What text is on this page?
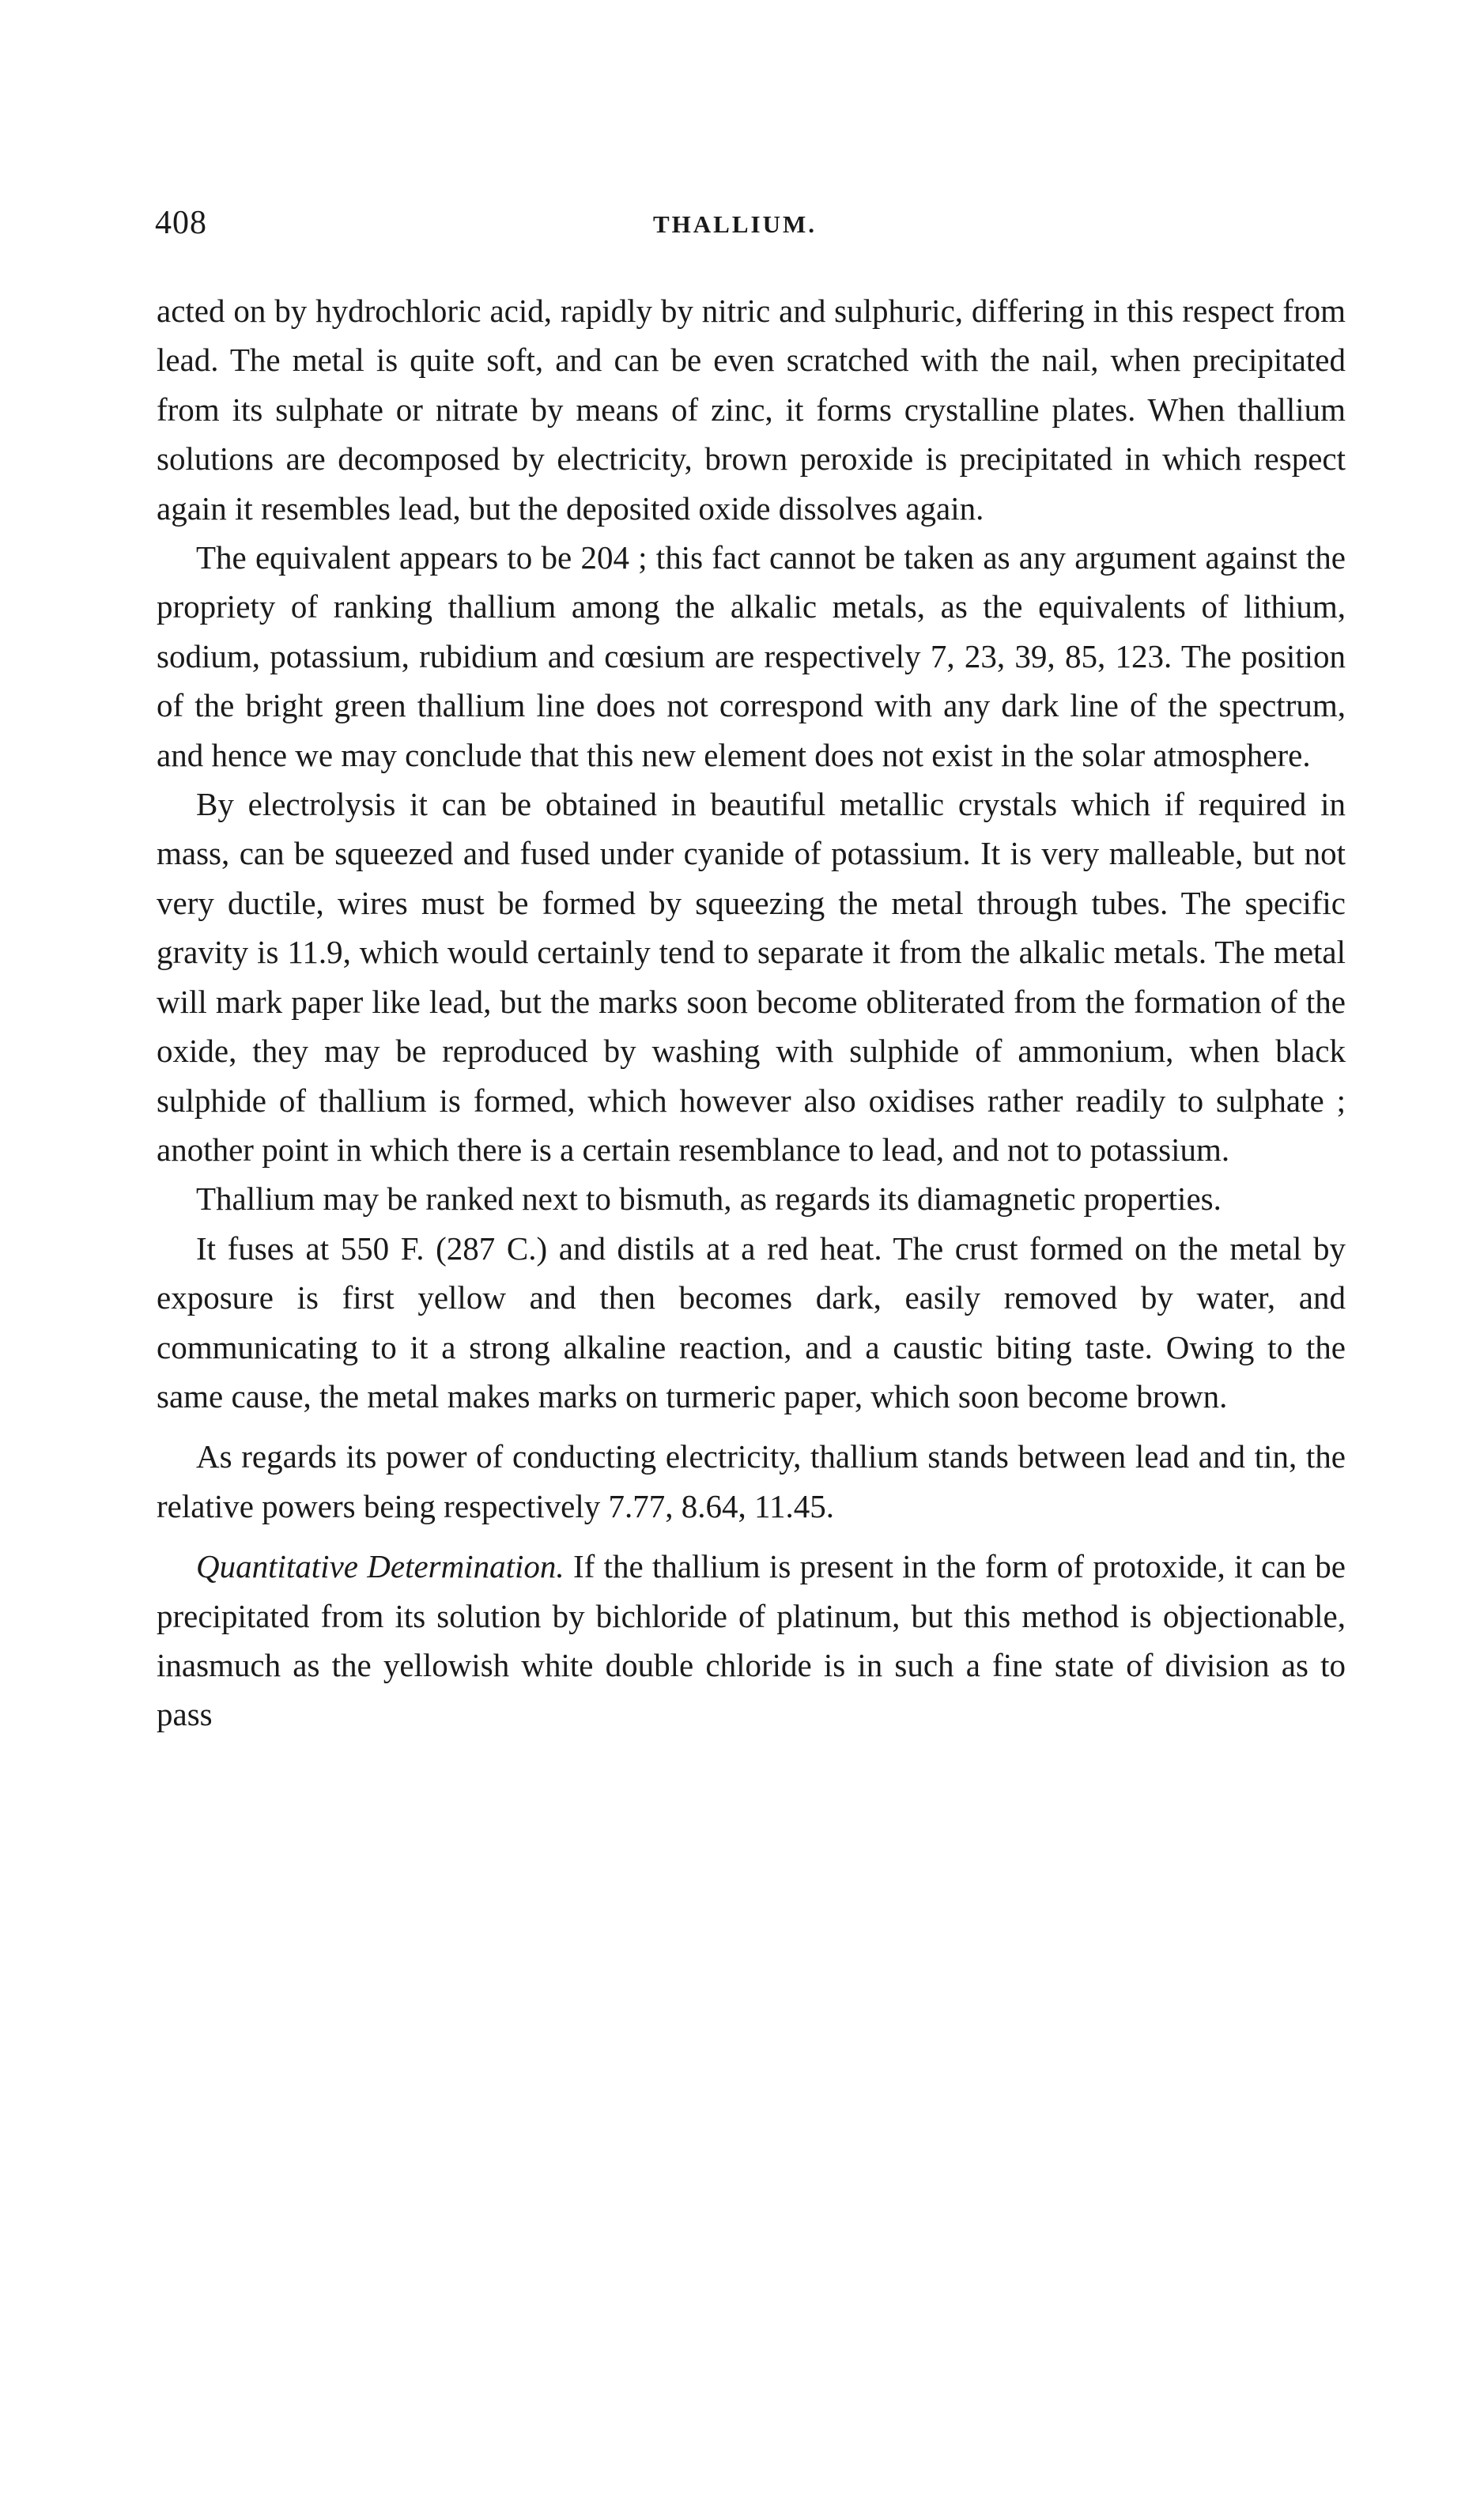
408	THALLIUM.

acted on by hydrochloric acid, rapidly by nitric and sulphuric, differing in this respect from lead. The metal is quite soft, and can be even scratched with the nail, when precipitated from its sulphate or nitrate by means of zinc, it forms crystalline plates. When thallium solutions are decomposed by electricity, brown peroxide is precipitated in which respect again it resembles lead, but the deposited oxide dissolves again.

The equivalent appears to be 204 ; this fact cannot be taken as any argument against the propriety of ranking thallium among the alkalic metals, as the equivalents of lithium, sodium, potassium, rubidium and cœsium are respectively 7, 23, 39, 85, 123. The position of the bright green thallium line does not correspond with any dark line of the spectrum, and hence we may conclude that this new element does not exist in the solar atmosphere.

By electrolysis it can be obtained in beautiful metallic crystals which if required in mass, can be squeezed and fused under cyanide of potassium. It is very malleable, but not very ductile, wires must be formed by squeezing the metal through tubes. The specific gravity is 11.9, which would certainly tend to separate it from the alkalic metals. The metal will mark paper like lead, but the marks soon become obliterated from the formation of the oxide, they may be reproduced by washing with sulphide of ammonium, when black sulphide of thallium is formed, which however also oxidises rather readily to sulphate ; another point in which there is a certain resemblance to lead, and not to potassium.

Thallium may be ranked next to bismuth, as regards its diamagnetic properties.

It fuses at 550 F. (287 C.) and distils at a red heat. The crust formed on the metal by exposure is first yellow and then becomes dark, easily removed by water, and communicating to it a strong alkaline reaction, and a caustic biting taste. Owing to the same cause, the metal makes marks on turmeric paper, which soon become brown.

As regards its power of conducting electricity, thallium stands between lead and tin, the relative powers being respectively 7.77, 8.64, 11.45.

Quantitative Determination. If the thallium is present in the form of protoxide, it can be precipitated from its solution by bichloride of platinum, but this method is objectionable, inasmuch as the yellowish white double chloride is in such a fine state of division as to pass
